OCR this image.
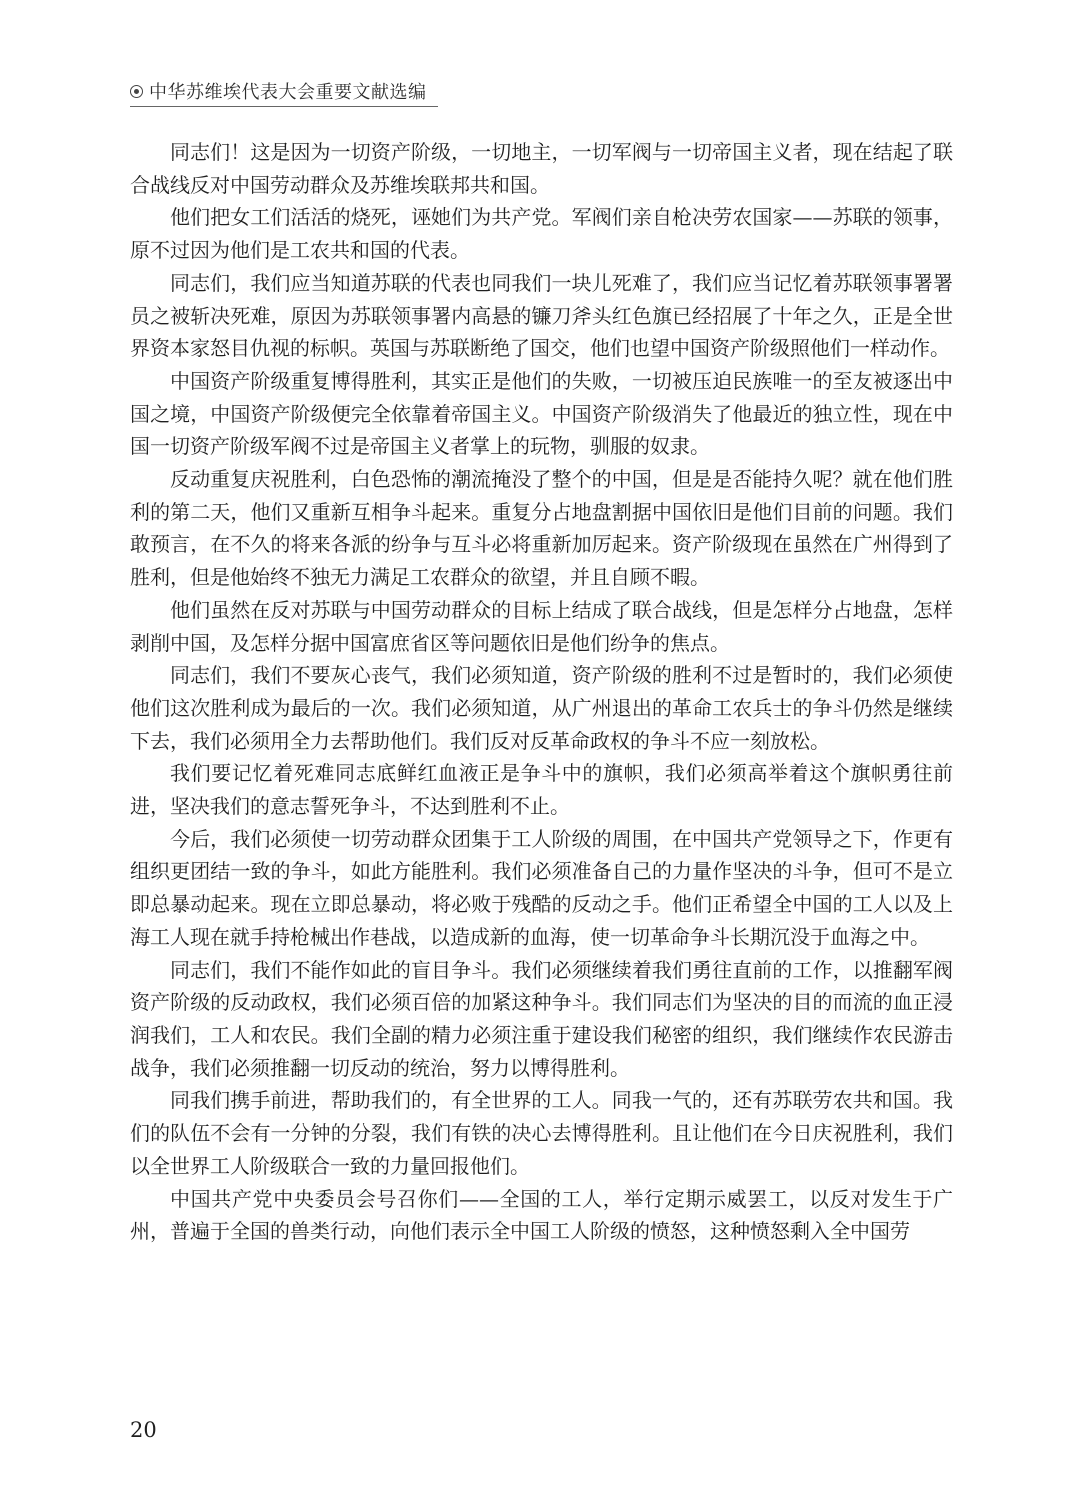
中华苏维埃代表大会重要文献选编

同志们！这是因为一切资产阶级，一切地主，一切军阀与一切帝国主义者，现在结起了联合战线反对中国劳动群众及苏维埃联邦共和国。

他们把女工们活活的烧死，诬她们为共产党。军阀们亲自枪决劳农国家——苏联的领事，原不过因为他们是工农共和国的代表。

同志们，我们应当知道苏联的代表也同我们一块儿死难了，我们应当记忆着苏联领事署署员之被斩决死难，原因为苏联领事署内高悬的镰刀斧头红色旗已经招展了十年之久，正是全世界资本家怒目仇视的标帜。英国与苏联断绝了国交，他们也望中国资产阶级照他们一样动作。

中国资产阶级重复博得胜利，其实正是他们的失败，一切被压迫民族唯一的至友被逐出中国之境，中国资产阶级便完全依靠着帝国主义。中国资产阶级消失了他最近的独立性，现在中国一切资产阶级军阀不过是帝国主义者掌上的玩物，驯服的奴隶。

反动重复庆祝胜利，白色恐怖的潮流掩没了整个的中国，但是是否能持久呢？就在他们胜利的第二天，他们又重新互相争斗起来。重复分占地盘割据中国依旧是他们目前的问题。我们敢预言，在不久的将来各派的纷争与互斗必将重新加厉起来。资产阶级现在虽然在广州得到了胜利，但是他始终不独无力满足工农群众的欲望，并且自顾不暇。

他们虽然在反对苏联与中国劳动群众的目标上结成了联合战线，但是怎样分占地盘，怎样剥削中国，及怎样分据中国富庶省区等问题依旧是他们纷争的焦点。

同志们，我们不要灰心丧气，我们必须知道，资产阶级的胜利不过是暂时的，我们必须使他们这次胜利成为最后的一次。我们必须知道，从广州退出的革命工农兵士的争斗仍然是继续下去，我们必须用全力去帮助他们。我们反对反革命政权的争斗不应一刻放松。

我们要记忆着死难同志底鲜红血液正是争斗中的旗帜，我们必须高举着这个旗帜勇往前进，坚决我们的意志誓死争斗，不达到胜利不止。

今后，我们必须使一切劳动群众团集于工人阶级的周围，在中国共产党领导之下，作更有组织更团结一致的争斗，如此方能胜利。我们必须准备自己的力量作坚决的斗争，但可不是立即总暴动起来。现在立即总暴动，将必败于残酷的反动之手。他们正希望全中国的工人以及上海工人现在就手持枪械出作巷战，以造成新的血海，使一切革命争斗长期沉没于血海之中。

同志们，我们不能作如此的盲目争斗。我们必须继续着我们勇往直前的工作，以推翻军阀资产阶级的反动政权，我们必须百倍的加紧这种争斗。我们同志们为坚决的目的而流的血正浸润我们，工人和农民。我们全副的精力必须注重于建设我们秘密的组织，我们继续作农民游击战争，我们必须推翻一切反动的统治，努力以博得胜利。

同我们携手前进，帮助我们的，有全世界的工人。同我一气的，还有苏联劳农共和国。我们的队伍不会有一分钟的分裂，我们有铁的决心去博得胜利。且让他们在今日庆祝胜利，我们以全世界工人阶级联合一致的力量回报他们。

中国共产党中央委员会号召你们——全国的工人，举行定期示威罢工，以反对发生于广州，普遍于全国的兽类行动，向他们表示全中国工人阶级的愤怒，这种愤怒剩入全中国劳

20
